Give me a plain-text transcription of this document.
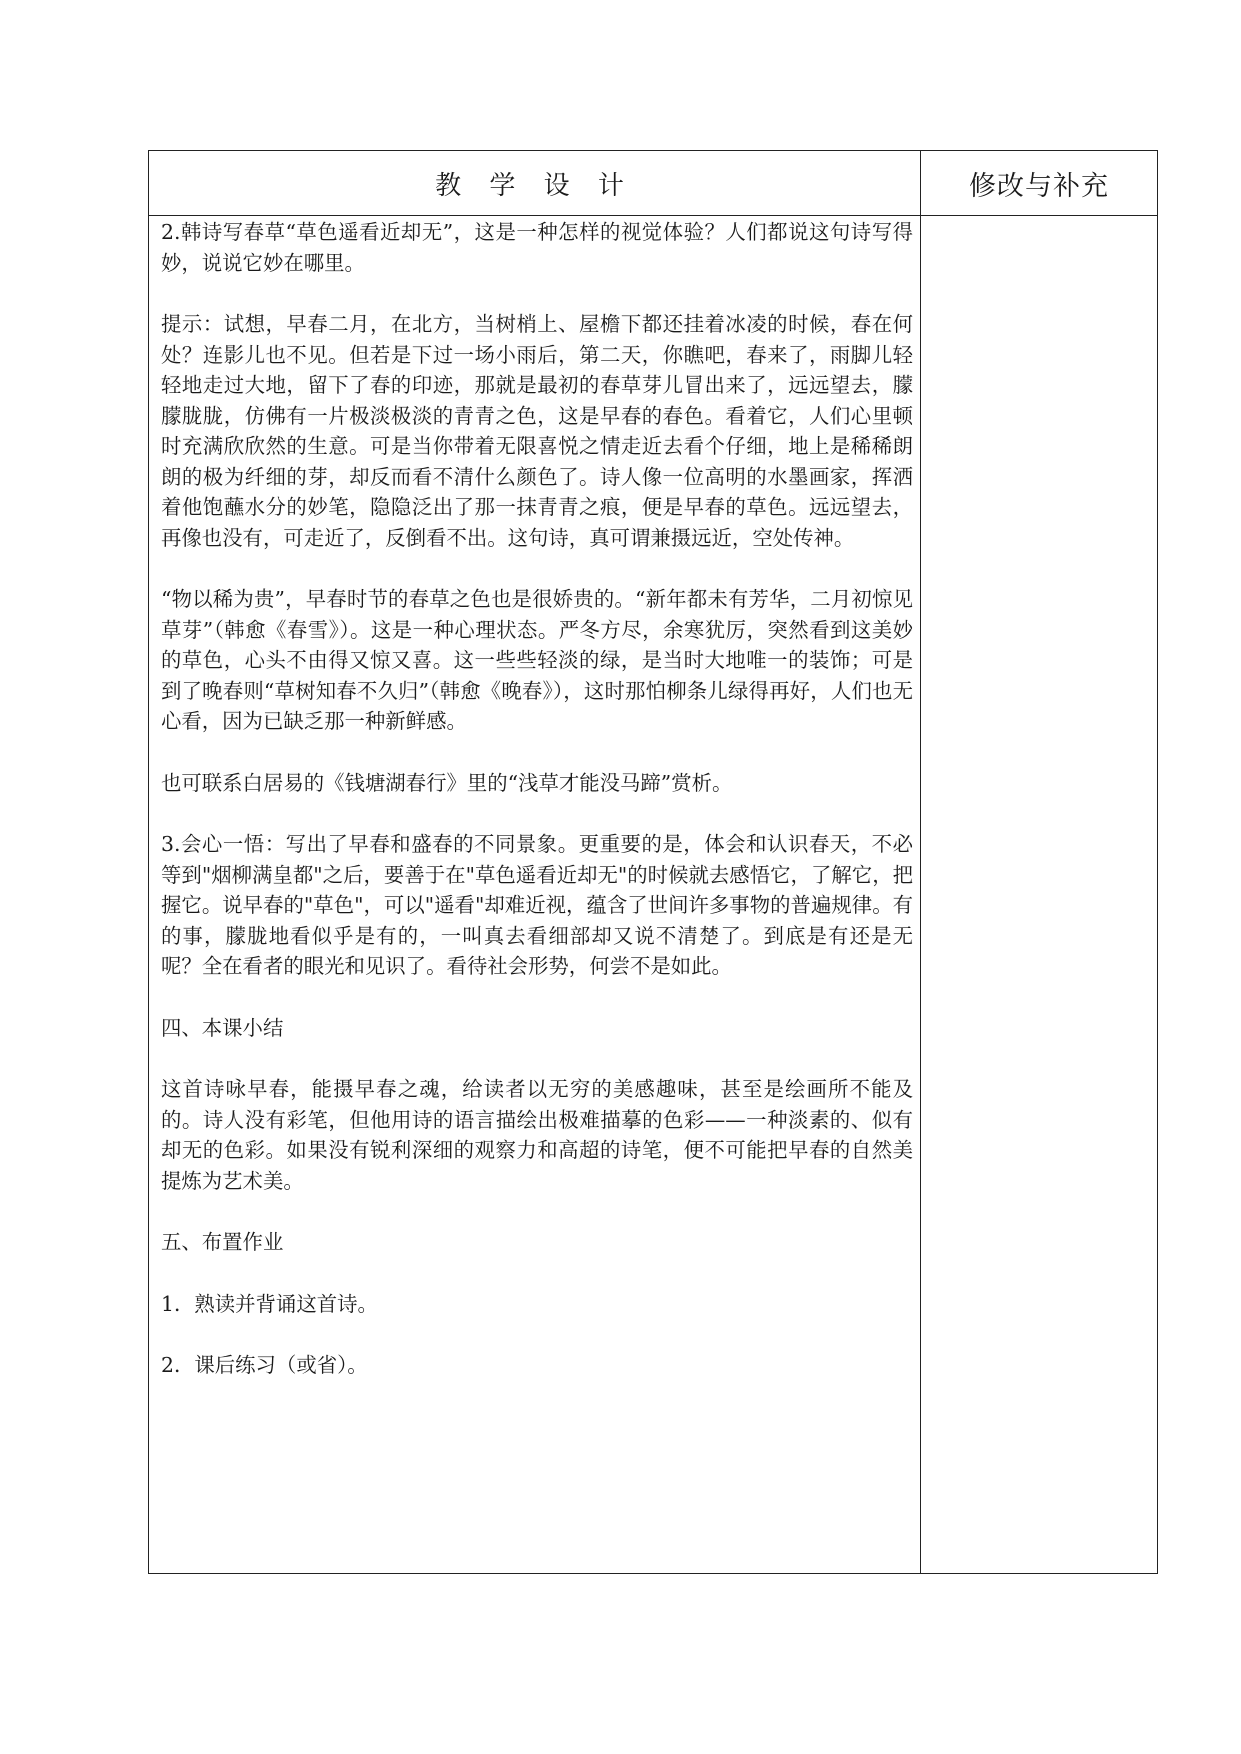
教 学 设 计	修改与补充

2.韩诗写春草“草色遥看近却无”，这是一种怎样的视觉体验？人们都说这句诗写得妙，说说它妙在哪里。

提示：试想，早春二月，在北方，当树梢上、屋檐下都还挂着冰凌的时候，春在何处？连影儿也不见。但若是下过一场小雨后，第二天，你瞧吧，春来了，雨脚儿轻轻地走过大地，留下了春的印迹，那就是最初的春草芽儿冒出来了，远远望去，朦朦胧胧，仿佛有一片极淡极淡的青青之色，这是早春的春色。看着它，人们心里顿时充满欣欣然的生意。可是当你带着无限喜悦之情走近去看个仔细，地上是稀稀朗朗的极为纤细的芽，却反而看不清什么颜色了。诗人像一位高明的水墨画家，挥洒着他饱蘸水分的妙笔，隐隐泛出了那一抹青青之痕，便是早春的草色。远远望去，再像也没有，可走近了，反倒看不出。这句诗，真可谓兼摄远近，空处传神。

“物以稀为贵”，早春时节的春草之色也是很娇贵的。“新年都未有芳华，二月初惊见草芽”（韩愈《春雪》）。这是一种心理状态。严冬方尽，余寒犹厉，突然看到这美妙的草色，心头不由得又惊又喜。这一些些轻淡的绿，是当时大地唯一的装饰；可是到了晚春则“草树知春不久归”（韩愈《晚春》），这时那怕柳条儿绿得再好，人们也无心看，因为已缺乏那一种新鲜感。

也可联系白居易的《钱塘湖春行》里的“浅草才能没马蹄”赏析。

3.会心一悟：写出了早春和盛春的不同景象。更重要的是，体会和认识春天，不必等到"烟柳满皇都"之后，要善于在"草色遥看近却无"的时候就去感悟它，了解它，把握它。说早春的"草色"，可以"遥看"却难近视，蕴含了世间许多事物的普遍规律。有的事，朦胧地看似乎是有的，一叫真去看细部却又说不清楚了。到底是有还是无呢？全在看者的眼光和见识了。看待社会形势，何尝不是如此。

四、本课小结

这首诗咏早春，能摄早春之魂，给读者以无穷的美感趣味，甚至是绘画所不能及的。诗人没有彩笔，但他用诗的语言描绘出极难描摹的色彩——一种淡素的、似有却无的色彩。如果没有锐利深细的观察力和高超的诗笔，便不可能把早春的自然美提炼为艺术美。

五、布置作业

1．熟读并背诵这首诗。

2．课后练习（或省）。
